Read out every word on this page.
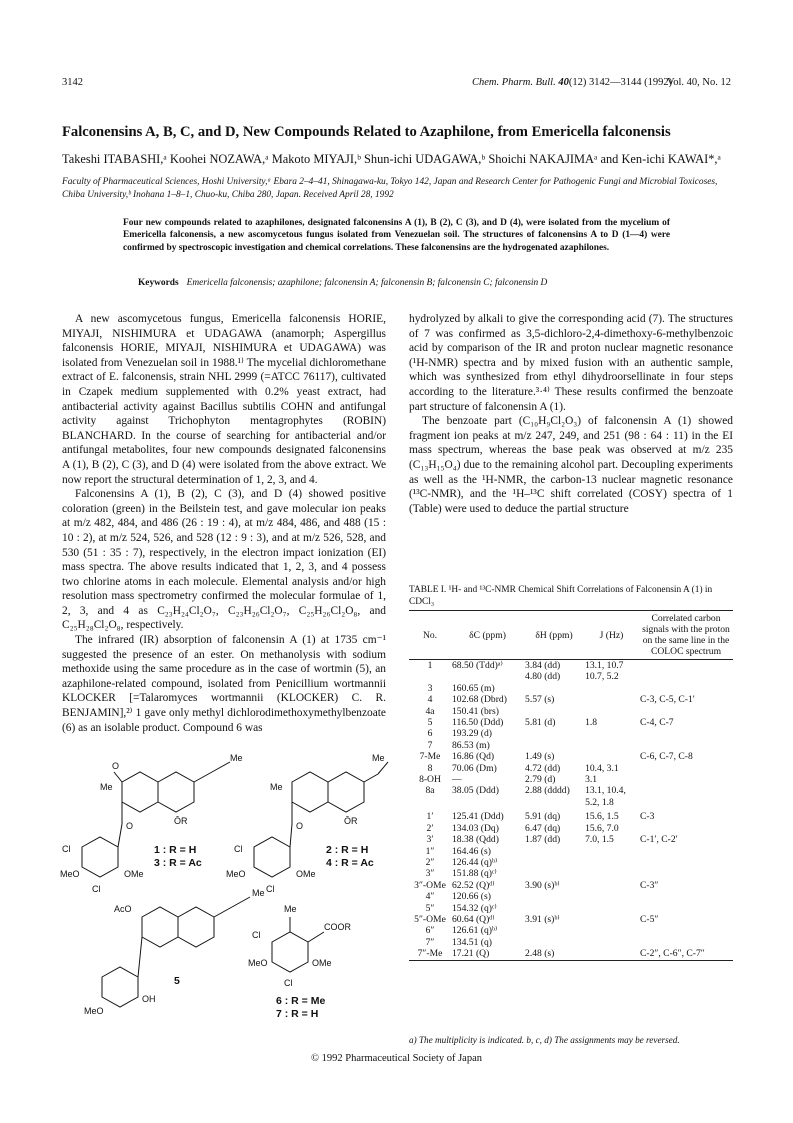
3142	Chem. Pharm. Bull. 40(12) 3142—3144 (1992)
Vol. 40, No. 12
Falconensins A, B, C, and D, New Compounds Related to Azaphilone, from Emericella falconensis
Takeshi ITABASHI,ᵃ Koohei NOZAWA,ᵃ Makoto MIYAJI,ᵇ Shun-ichi UDAGAWA,ᵇ Shoichi NAKAJIMAᵃ and Ken-ichi KAWAI*,ᵃ
Faculty of Pharmaceutical Sciences, Hoshi University,ᵃ Ebara 2–4–41, Shinagawa-ku, Tokyo 142, Japan and Research Center for Pathogenic Fungi and Microbial Toxicoses, Chiba University,ᵇ Inohana 1–8–1, Chuo-ku, Chiba 280, Japan. Received April 28, 1992
Four new compounds related to azaphilones, designated falconensins A (1), B (2), C (3), and D (4), were isolated from the mycelium of Emericella falconensis, a new ascomycetous fungus isolated from Venezuelan soil. The structures of falconensins A to D (1—4) were confirmed by spectroscopic investigation and chemical correlations. These falconensins are the hydrogenated azaphilones.
Keywords Emericella falconensis; azaphilone; falconensin A; falconensin B; falconensin C; falconensin D

A new ascomycetous fungus, Emericella falconensis HORIE, MIYAJI, NISHIMURA et UDAGAWA (anamorph; Aspergillus falconensis HORIE, MIYAJI, NISHIMURA et UDAGAWA) was isolated from Venezuelan soil in 1988.¹⁾ The mycelial dichloromethane extract of E. falconensis, strain NHL 2999 (=ATCC 76117), cultivated in Czapek medium supplemented with 0.2% yeast extract, had antibacterial activity against Bacillus subtilis COHN and antifungal activity against Trichophyton mentagrophytes (ROBIN) BLANCHARD. In the course of searching for antibacterial and/or antifungal metabolites, four new compounds designated falconensins A (1), B (2), C (3), and D (4) were isolated from the above extract. We now report the structural determination of 1, 2, 3, and 4.

Falconensins A (1), B (2), C (3), and D (4) showed positive coloration (green) in the Beilstein test, and gave molecular ion peaks at m/z 482, 484, and 486 (26 : 19 : 4), at m/z 484, 486, and 488 (15 : 10 : 2), at m/z 524, 526, and 528 (12 : 9 : 3), and at m/z 526, 528, and 530 (51 : 35 : 7), respectively, in the electron impact ionization (EI) mass spectra. The above results indicated that 1, 2, 3, and 4 possess two chlorine atoms in each molecule. Elemental analysis and/or high resolution mass spectrometry confirmed the molecular formulae of 1, 2, 3, and 4 as C₂₃H₂₄Cl₂O₇, C₂₃H₂₆Cl₂O₇, C₂₅H₂₆Cl₂O₈, and C₂₅H₂₈Cl₂O₈, respectively.

The infrared (IR) absorption of falconensin A (1) at 1735 cm⁻¹ suggested the presence of an ester. On methanolysis with sodium methoxide using the same procedure as in the case of wortmin (5), an azaphilone-related compound, isolated from Penicillium wortmannii KLOCKER [=Talaromyces wortmannii (KLOCKER) C. R. BENJAMIN],²⁾ 1 gave only methyl dichlorodimethoxymethylbenzoate (6) as an isolable product. Compound 6 was

hydrolyzed by alkali to give the corresponding acid (7). The structures of 7 was confirmed as 3,5-dichloro-2,4-dimethoxy-6-methylbenzoic acid by comparison of the IR and proton nuclear magnetic resonance (¹H-NMR) spectra and by mixed fusion with an authentic sample, which was synthesized from ethyl dihydroorsellinate in four steps according to the literature.³·⁴⁾ These results confirmed the benzoate part structure of falconensin A (1).

The benzoate part (C₁₀H₉Cl₂O₃) of falconensin A (1) showed fragment ion peaks at m/z 247, 249, and 251 (98 : 64 : 11) in the EI mass spectrum, whereas the base peak was observed at m/z 235 (C₁₃H₁₅O₄) due to the remaining alcohol part. Decoupling experiments as well as the ¹H-NMR, the carbon-13 nuclear magnetic resonance (¹³C-NMR), and the ¹H–¹³C shift correlated (COSY) spectra of 1 (Table) were used to deduce the partial structure

TABLE I. ¹H- and ¹³C-NMR Chemical Shift Correlations of Falconensin A (1) in CDCl₃
No.	δC (ppm)	δH (ppm)	J (Hz)	Correlated carbon signals with the proton on the same line in the COLOC spectrum
1	68.50 (Tdd)ᵃ⁾	3.84 (dd)	13.1, 10.7	
		4.80 (dd)	10.7, 5.2	
3	160.65 (m)			
4	102.68 (Dbrd)	5.57 (s)		C-3, C-5, C-1′
4a	150.41 (brs)			
5	116.50 (Ddd)	5.81 (d)	1.8	C-4, C-7
6	193.29 (d)			
7	86.53 (m)			
7-Me	16.86 (Qd)	1.49 (s)		C-6, C-7, C-8
8	70.06 (Dm)	4.72 (dd)	10.4, 3.1	
8-OH	—	2.79 (d)	3.1	
8a	38.05 (Ddd)	2.88 (dddd)	13.1, 10.4,	
			5.2, 1.8	
1′	125.41 (Ddd)	5.91 (dq)	15.6, 1.5	C-3
2′	134.03 (Dq)	6.47 (dq)	15.6, 7.0	
3′	18.38 (Qdd)	1.87 (dd)	7.0, 1.5	C-1′, C-2′
1″	164.46 (s)			
2″	126.44 (q)ᵇ⁾			
3″	151.88 (q)ᶜ⁾			
3″-OMe	62.52 (Q)ᵈ⁾	3.90 (s)ᵇ⁾		C-3″
4″	120.66 (s)			
5″	154.32 (q)ᶜ⁾			
5″-OMe	60.64 (Q)ᵈ⁾	3.91 (s)ᵇ⁾		C-5″
6″	126.61 (q)ᵇ⁾			
7″	134.51 (q)			
7″-Me	17.21 (Q)	2.48 (s)		C-2″, C-6″, C-7″
a) The multiplicity is indicated. b, c, d) The assignments may be reversed.
Me
Me
O
O	ŌR
Cl
MeO	OMe
Cl
Me
Me
O	ŌR
Cl
MeO	OMe
Cl
AcO
Me
MeO
OH
Cl
COOR
Me
MeO	OMe
Cl
1 : R = H
3 : R = Ac
2 : R = H
4 : R = Ac
5
6 : R = Me
7 : R = H
© 1992 Pharmaceutical Society of Japan
